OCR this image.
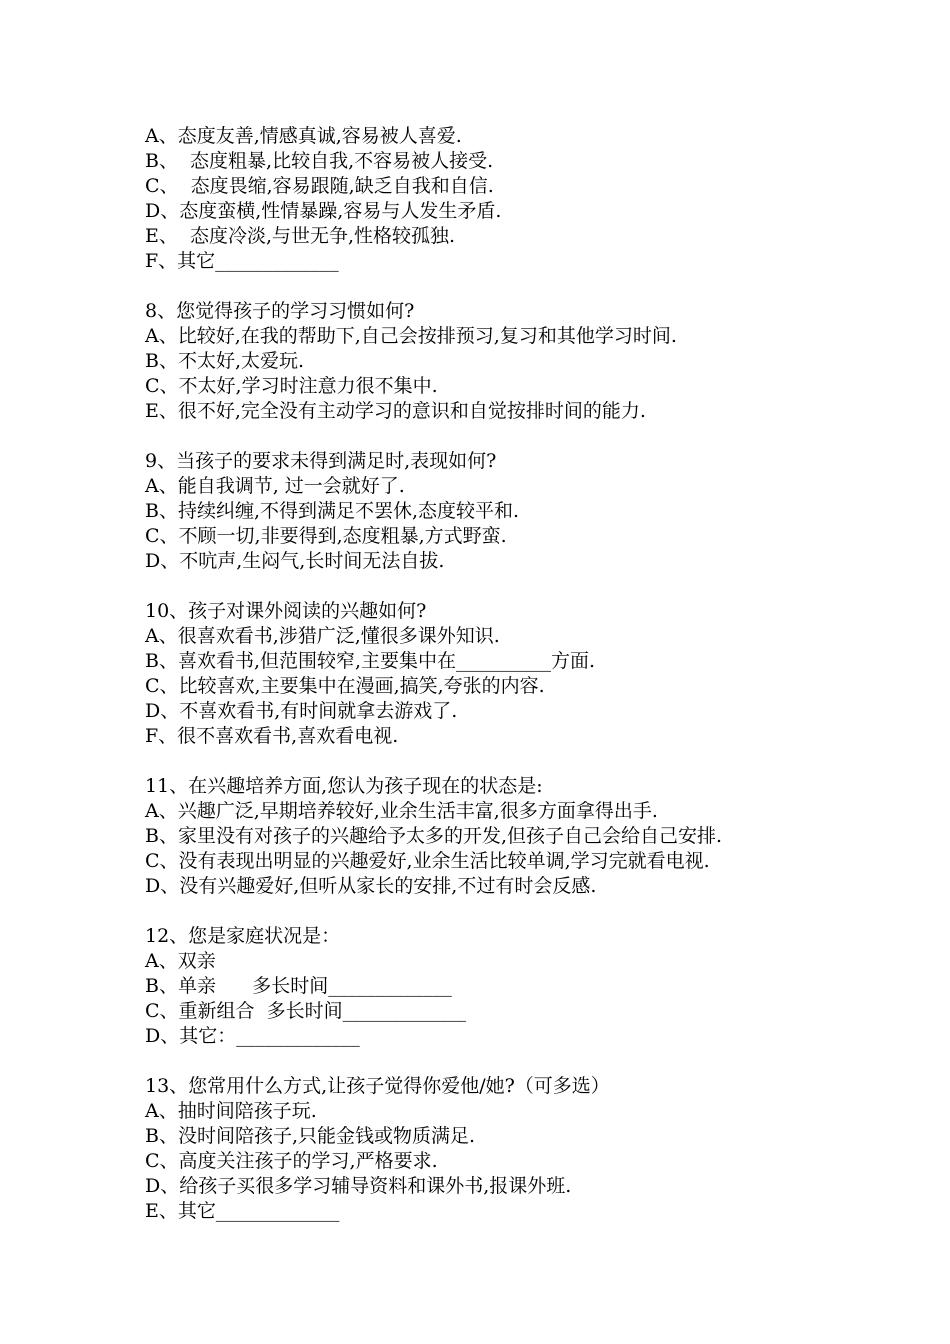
A、态度友善,情感真诚,容易被人喜爱.
B、  态度粗暴,比较自我,不容易被人接受.
C、  态度畏缩,容易跟随,缺乏自我和自信.
D、态度蛮横,性情暴躁,容易与人发生矛盾.
E、  态度冷淡,与世无争,性格较孤独.
F、其它_____________
8、您觉得孩子的学习习惯如何?
A、比较好,在我的帮助下,自己会按排预习,复习和其他学习时间.
B、不太好,太爱玩.
C、不太好,学习时注意力很不集中.
E、很不好,完全没有主动学习的意识和自觉按排时间的能力.
9、当孩子的要求未得到满足时,表现如何?
A、能自我调节, 过一会就好了.
B、持续纠缠,不得到满足不罢休,态度较平和.
C、不顾一切,非要得到,态度粗暴,方式野蛮.
D、不吭声,生闷气,长时间无法自拔.
10、孩子对课外阅读的兴趣如何?
A、很喜欢看书,涉猎广泛,懂很多课外知识.
B、喜欢看书,但范围较窄,主要集中在__________方面.
C、比较喜欢,主要集中在漫画,搞笑,夸张的内容.
D、不喜欢看书,有时间就拿去游戏了.
F、很不喜欢看书,喜欢看电视.
11、在兴趣培养方面,您认为孩子现在的状态是:
A、兴趣广泛,早期培养较好,业余生活丰富,很多方面拿得出手.
B、家里没有对孩子的兴趣给予太多的开发,但孩子自己会给自己安排.
C、没有表现出明显的兴趣爱好,业余生活比较单调,学习完就看电视.
D、没有兴趣爱好,但听从家长的安排,不过有时会反感.
12、您是家庭状况是：
A、双亲
B、单亲      多长时间_____________
C、重新组合  多长时间_____________
D、其它：_____________
13、您常用什么方式,让孩子觉得你爱他/她?（可多选）
A、抽时间陪孩子玩.
B、没时间陪孩子,只能金钱或物质满足.
C、高度关注孩子的学习,严格要求.
D、给孩子买很多学习辅导资料和课外书,报课外班.
E、其它_____________
